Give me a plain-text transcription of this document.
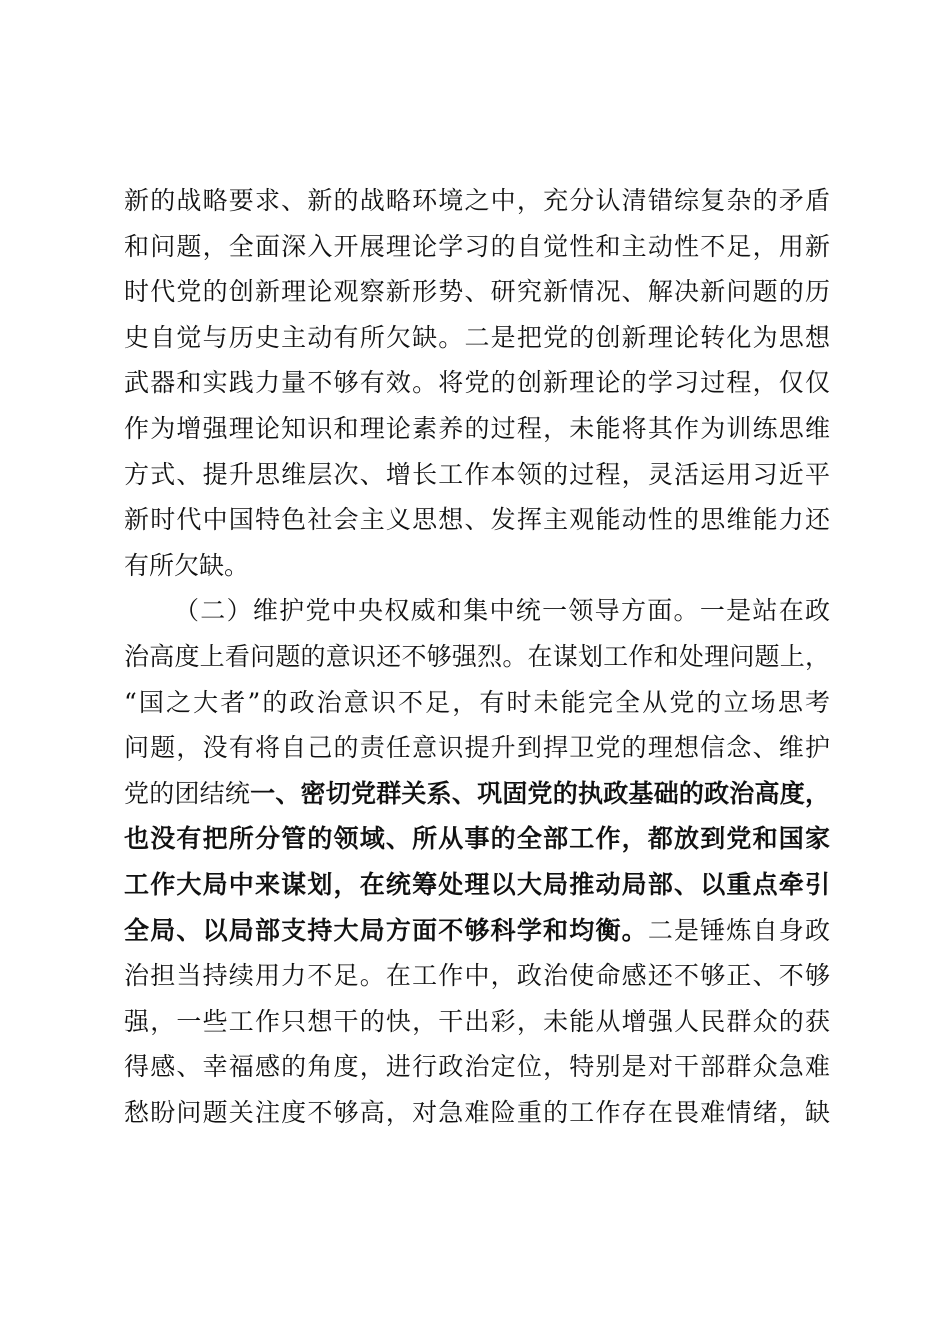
新的战略要求、新的战略环境之中，充分认清错综复杂的矛盾
和问题，全面深入开展理论学习的自觉性和主动性不足，用新
时代党的创新理论观察新形势、研究新情况、解决新问题的历
史自觉与历史主动有所欠缺。二是把党的创新理论转化为思想
武器和实践力量不够有效。将党的创新理论的学习过程，仅仅
作为增强理论知识和理论素养的过程，未能将其作为训练思维
方式、提升思维层次、增长工作本领的过程，灵活运用习近平
新时代中国特色社会主义思想、发挥主观能动性的思维能力还
有所欠缺。
（二）维护党中央权威和集中统一领导方面。一是站在政
治高度上看问题的意识还不够强烈。在谋划工作和处理问题上，
“国之大者”的政治意识不足，有时未能完全从党的立场思考
问题，没有将自己的责任意识提升到捍卫党的理想信念、维护
党的团结统一、密切党群关系、巩固党的执政基础的政治高度，
也没有把所分管的领域、所从事的全部工作，都放到党和国家
工作大局中来谋划，在统筹处理以大局推动局部、以重点牵引
全局、以局部支持大局方面不够科学和均衡。二是锤炼自身政
治担当持续用力不足。在工作中，政治使命感还不够正、不够
强，一些工作只想干的快，干出彩，未能从增强人民群众的获
得感、幸福感的角度，进行政治定位，特别是对干部群众急难
愁盼问题关注度不够高，对急难险重的工作存在畏难情绪，缺
